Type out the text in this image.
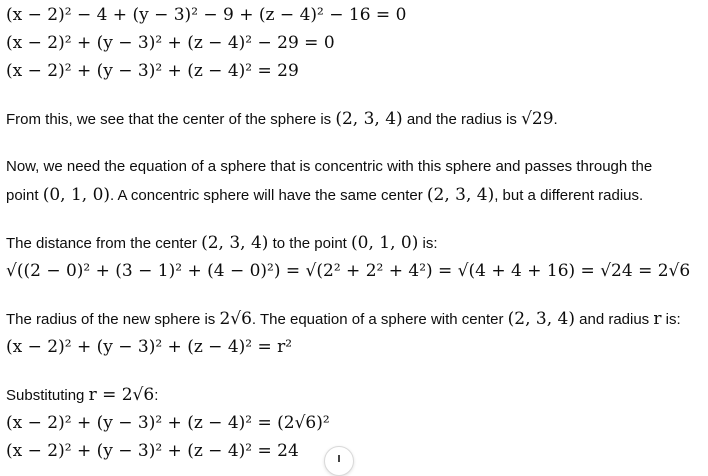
(x − 2)² − 4 + (y − 3)² − 9 + (z − 4)² − 16 = 0
(x − 2)² + (y − 3)² + (z − 4)² − 29 = 0
(x − 2)² + (y − 3)² + (z − 4)² = 29
From this, we see that the center of the sphere is (2, 3, 4) and the radius is √29.
Now, we need the equation of a sphere that is concentric with this sphere and passes through the
point (0, 1, 0). A concentric sphere will have the same center (2, 3, 4), but a different radius.
The distance from the center (2, 3, 4) to the point (0, 1, 0) is:
√((2 − 0)² + (3 − 1)² + (4 − 0)²) = √(2² + 2² + 4²) = √(4 + 4 + 16) = √24 = 2√6
The radius of the new sphere is 2√6. The equation of a sphere with center (2, 3, 4) and radius r is:
(x − 2)² + (y − 3)² + (z − 4)² = r²
Substituting r = 2√6:
(x − 2)² + (y − 3)² + (z − 4)² = (2√6)²
(x − 2)² + (y − 3)² + (z − 4)² = 24
